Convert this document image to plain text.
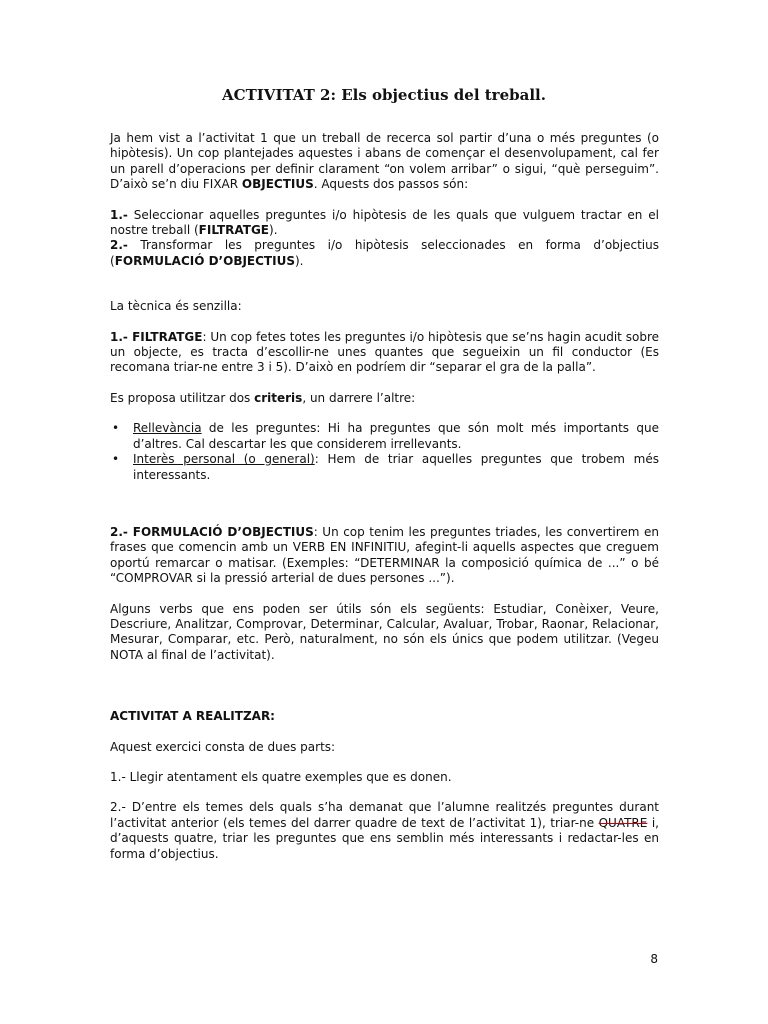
ACTIVITAT 2: Els objectius del treball.

Ja hem vist a l’activitat 1 que un treball de recerca sol partir d’una o més preguntes (o hipòtesis). Un cop plantejades aquestes i abans de començar el desenvolupament, cal fer un parell d’operacions per definir clarament “on volem arribar” o sigui, “què perseguim”. D’això se’n diu FIXAR OBJECTIUS. Aquests dos passos són:

1.- Seleccionar aquelles preguntes i/o hipòtesis de les quals que vulguem tractar en el nostre treball (FILTRATGE).
2.- Transformar les preguntes i/o hipòtesis seleccionades en forma d’objectius (FORMULACIÓ D’OBJECTIUS).

La tècnica és senzilla:

1.- FILTRATGE: Un cop fetes totes les preguntes i/o hipòtesis que se’ns hagin acudit sobre un objecte, es tracta d’escollir-ne unes quantes que segueixin un fil conductor (Es recomana triar-ne entre 3 i 5). D’això en podríem dir “separar el gra de la palla”.

Es proposa utilitzar dos criteris, un darrere l’altre:

• Rellevància de les preguntes: Hi ha preguntes que són molt més importants que d’altres. Cal descartar les que considerem irrellevants.
• Interès personal (o general): Hem de triar aquelles preguntes que trobem més interessants.

2.- FORMULACIÓ D’OBJECTIUS: Un cop tenim les preguntes triades, les convertirem en frases que comencin amb un VERB EN INFINITIU, afegint-li aquells aspectes que creguem oportú remarcar o matisar. (Exemples: “DETERMINAR la composició química de ...” o bé “COMPROVAR si la pressió arterial de dues persones ...”).

Alguns verbs que ens poden ser útils són els següents: Estudiar, Conèixer, Veure, Descriure, Analitzar, Comprovar, Determinar, Calcular, Avaluar, Trobar, Raonar, Relacionar, Mesurar, Comparar, etc. Però, naturalment, no són els únics que podem utilitzar. (Vegeu NOTA al final de l’activitat).

ACTIVITAT A REALITZAR:

Aquest exercici consta de dues parts:

1.- Llegir atentament els quatre exemples que es donen.

2.- D’entre els temes dels quals s’ha demanat que l’alumne realitzés preguntes durant l’activitat anterior (els temes del darrer quadre de text de l’activitat 1), triar-ne QUATRE i, d’aquests quatre, triar les preguntes que ens semblin més interessants i redactar-les en forma d’objectius.

8
